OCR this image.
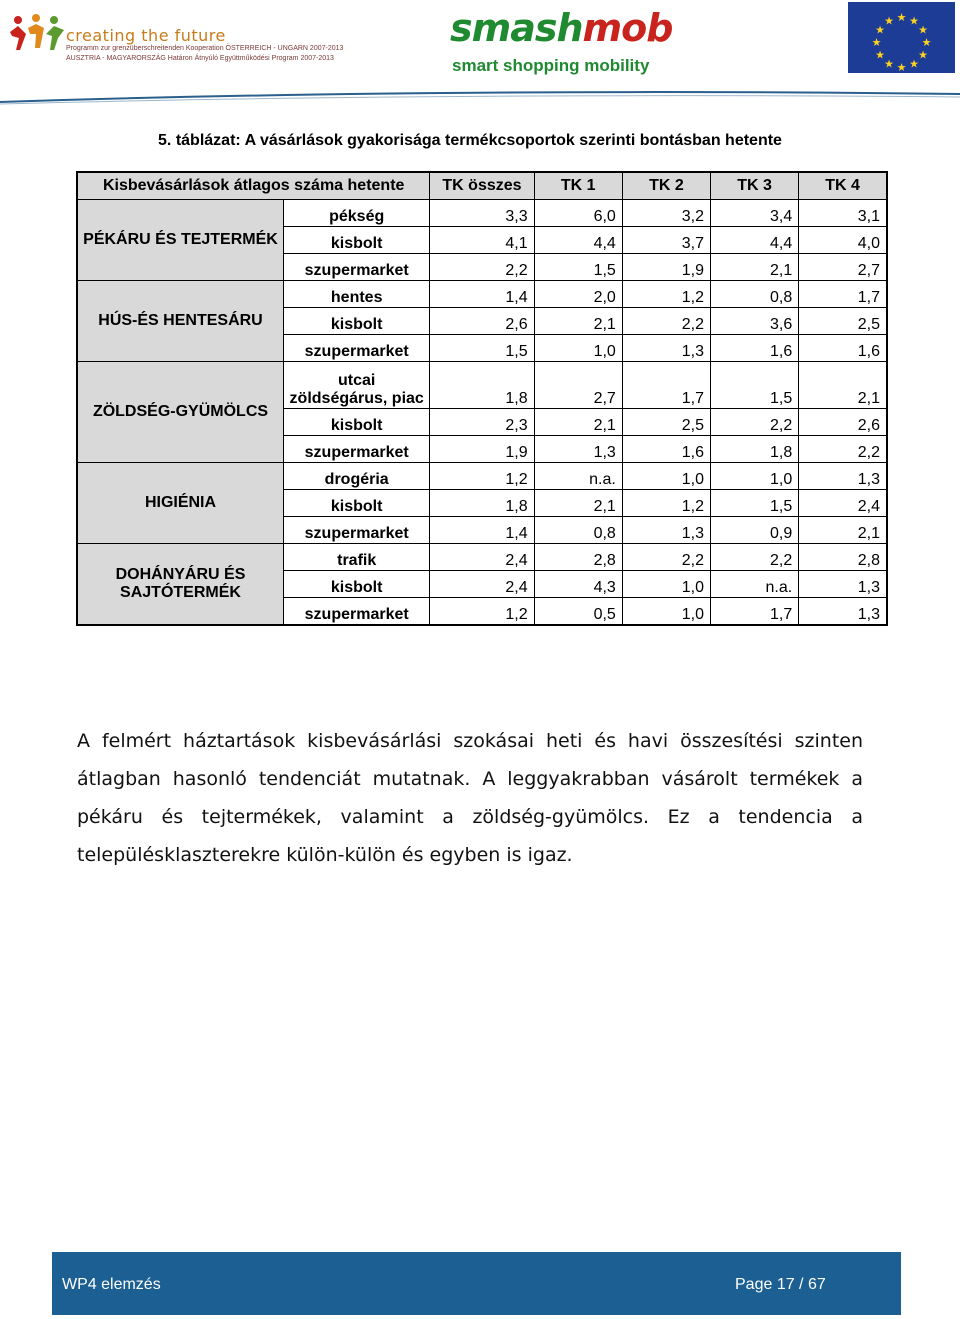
creating the future
Programm zur grenzüberschreitenden Kooperation ÖSTERREICH - UNGARN 2007-2013
AUSZTRIA - MAGYARORSZÁG Határon Átnyúló Együttműködési Program 2007-2013
smashmob
smart shopping mobility
★ ★
★
★
★
★
★
★
★
★
★
★
5. táblázat: A vásárlások gyakorisága termékcsoportok szerinti bontásban hetente
Kisbevásárlások átlagos száma hetente		TK összes	TK 1	TK 2	TK 3	TK 4
PÉKÁRU ÉS TEJTERMÉK	pékség	3,3	6,0	3,2	3,4	3,1
	kisbolt	4,1	4,4	3,7	4,4	4,0
	szupermarket	2,2	1,5	1,9	2,1	2,7
HÚS-ÉS HENTESÁRU	hentes	1,4	2,0	1,2	0,8	1,7
	kisbolt	2,6	2,1	2,2	3,6	2,5
	szupermarket	1,5	1,0	1,3	1,6	1,6
ZÖLDSÉG-GYÜMÖLCS	utcai zöldségárus, piac	1,8	2,7	1,7	1,5	2,1
	kisbolt	2,3	2,1	2,5	2,2	2,6
	szupermarket	1,9	1,3	1,6	1,8	2,2
HIGIÉNIA	drogéria	1,2	n.a.	1,0	1,0	1,3
	kisbolt	1,8	2,1	1,2	1,5	2,4
	szupermarket	1,4	0,8	1,3	0,9	2,1
DOHÁNYÁRU ÉS SAJTÓTERMÉK	trafik	2,4	2,8	2,2	2,2	2,8
	kisbolt	2,4	4,3	1,0	n.a.	1,3
	szupermarket	1,2	0,5	1,0	1,7	1,3
A felmért háztartások kisbevásárlási szokásai heti és havi összesítési szinten átlagban hasonló tendenciát mutatnak. A leggyakrabban vásárolt termékek a pékáru és tejtermékek, valamint a zöldség-gyümölcs. Ez a tendencia a településklaszterekre külön-külön és egyben is igaz.
WP4 elemzés	Page 17 / 67
